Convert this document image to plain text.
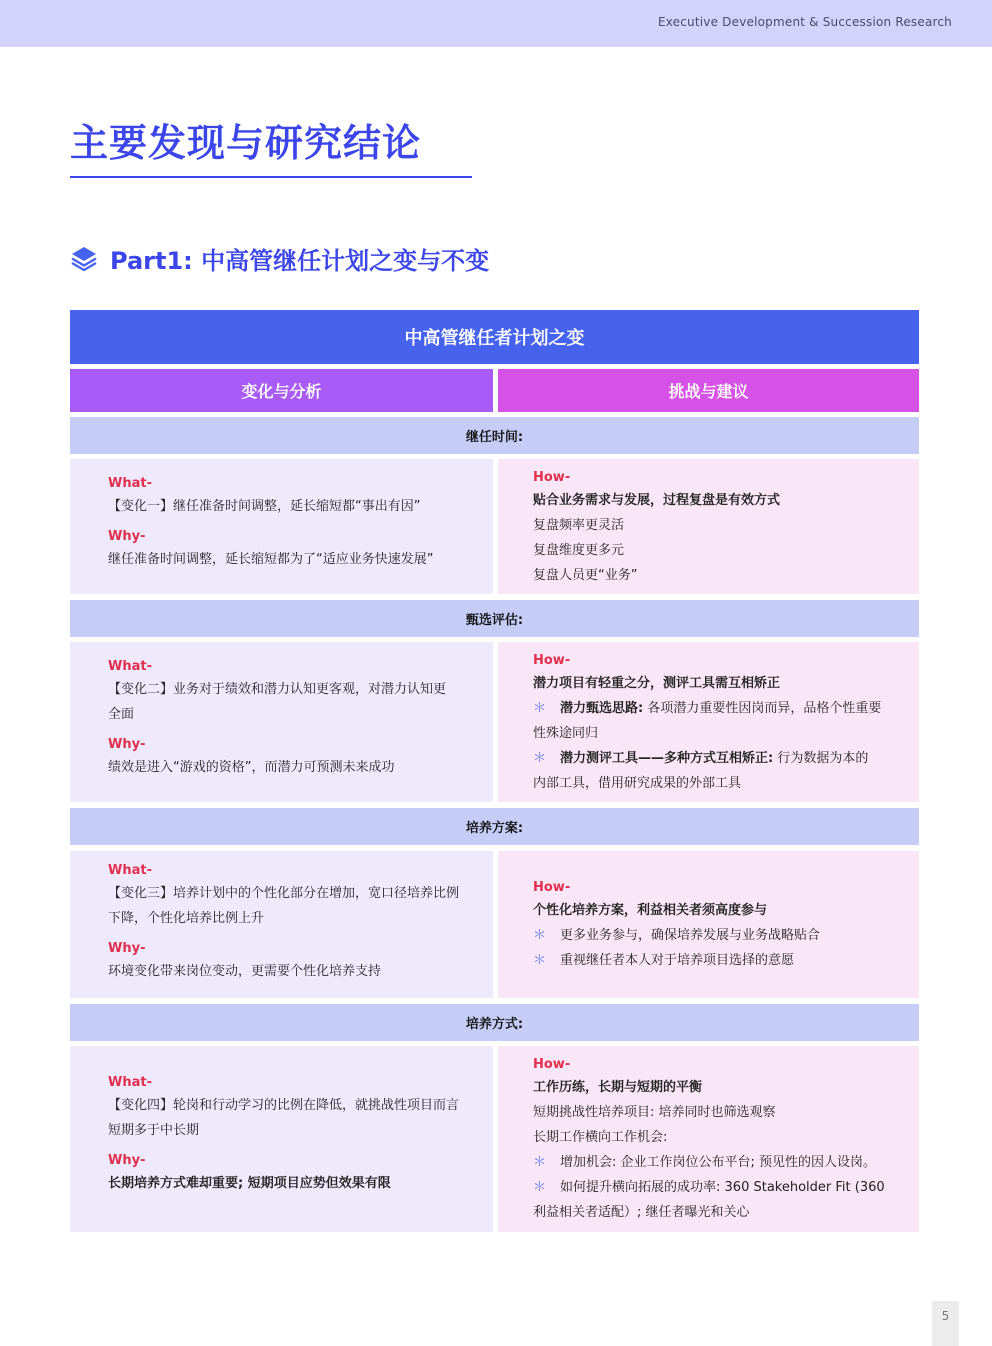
Executive Development & Succession Research
主要发现与研究结论
Part1: 中高管继任计划之变与不变
中高管继任者计划之变
变化与分析	挑战与建议
继任时间:
What-
【变化一】继任准备时间调整，延长缩短都“事出有因”
Why-
继任准备时间调整，延长缩短都为了“适应业务快速发展”
How-
贴合业务需求与发展，过程复盘是有效方式
复盘频率更灵活
复盘维度更多元
复盘人员更“业务”
甄选评估:
What-
【变化二】业务对于绩效和潜力认知更客观，对潜力认知更
全面
Why-
绩效是进入“游戏的资格”，而潜力可预测未来成功
How-
潜力项目有轻重之分，测评工具需互相矫正
＊ 潜力甄选思路: 各项潜力重要性因岗而异，品格个性重要
性殊途同归
＊ 潜力测评工具——多种方式互相矫正: 行为数据为本的
内部工具，借用研究成果的外部工具
培养方案:
What-
【变化三】培养计划中的个性化部分在增加，宽口径培养比例
下降，个性化培养比例上升
Why-
环境变化带来岗位变动，更需要个性化培养支持
How-
个性化培养方案，利益相关者须高度参与
＊ 更多业务参与，确保培养发展与业务战略贴合
＊ 重视继任者本人对于培养项目选择的意愿
培养方式:
What-
【变化四】轮岗和行动学习的比例在降低，就挑战性项目而言
短期多于中长期
Why-
长期培养方式难却重要; 短期项目应势但效果有限
How-
工作历练，长期与短期的平衡
短期挑战性培养项目: 培养同时也筛选观察
长期工作横向工作机会:
＊ 增加机会: 企业工作岗位公布平台; 预见性的因人设岗。
＊ 如何提升横向拓展的成功率: 360 Stakeholder Fit (360
利益相关者适配）; 继任者曝光和关心
5
